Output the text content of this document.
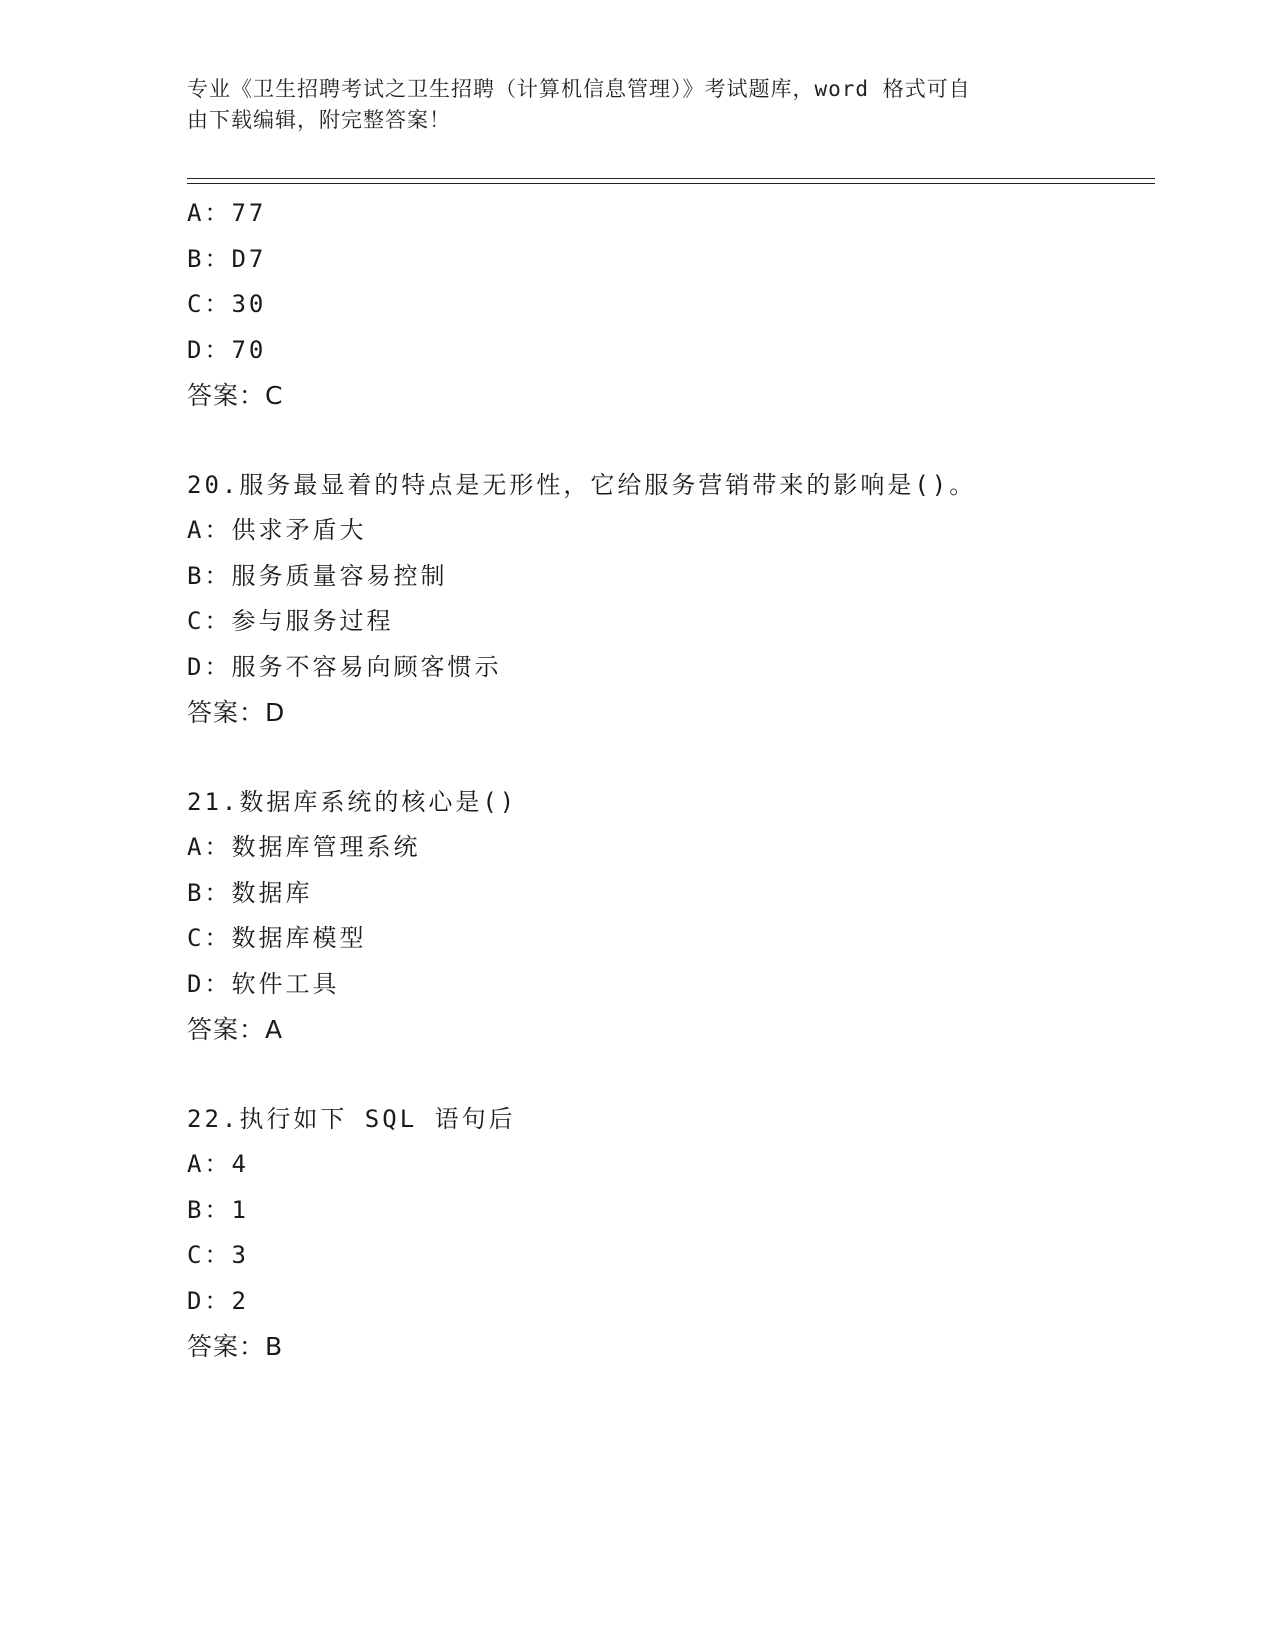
专业《卫生招聘考试之卫生招聘（计算机信息管理）》考试题库，word 格式可自
由下载编辑，附完整答案！
A：77
B：D7
C：30
D：70
答案：C
20.服务最显着的特点是无形性，它给服务营销带来的影响是()。
A：供求矛盾大
B：服务质量容易控制
C：参与服务过程
D：服务不容易向顾客惯示
答案：D
21.数据库系统的核心是()
A：数据库管理系统
B：数据库
C：数据库模型
D：软件工具
答案：A
22.执行如下 SQL 语句后
A：4
B：1
C：3
D：2
答案：B
